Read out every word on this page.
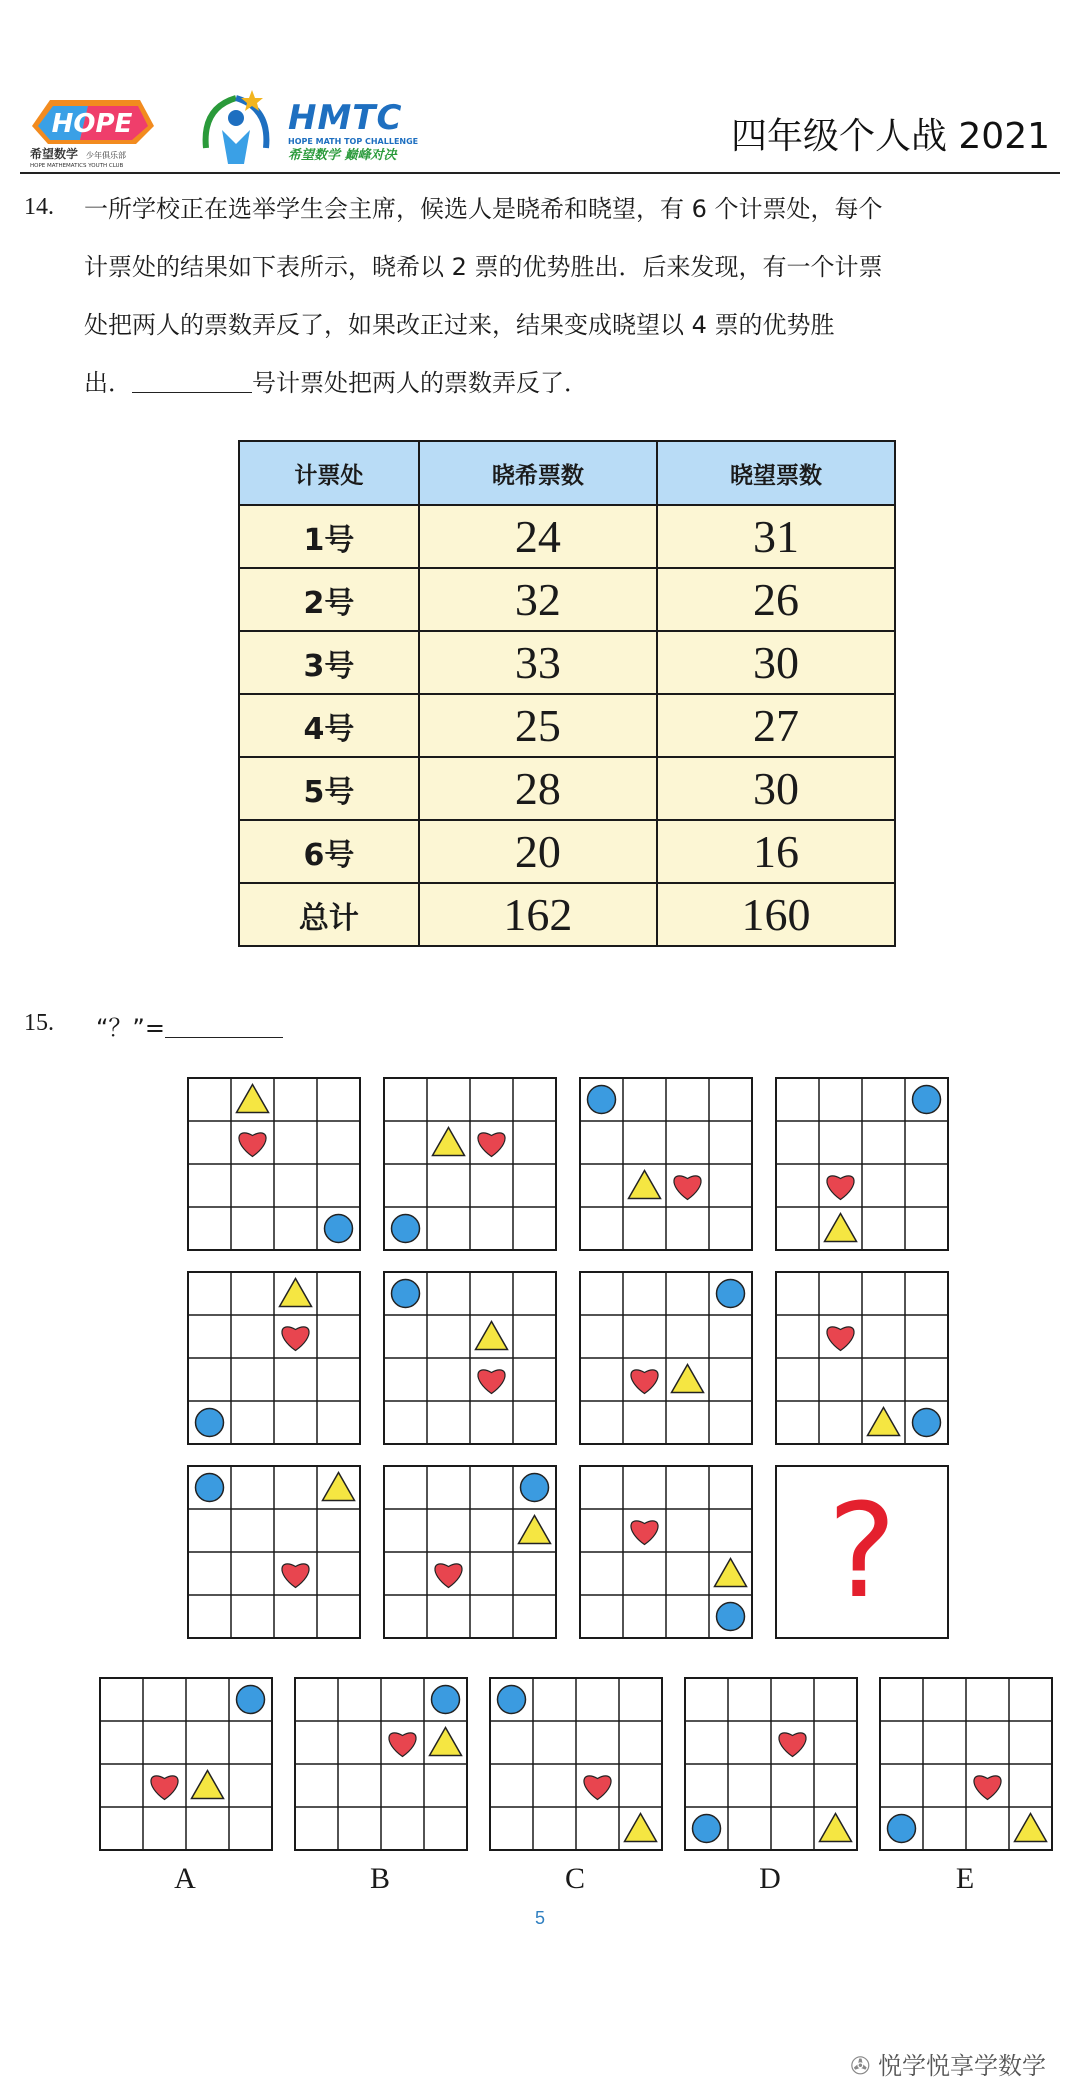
HOPE
希望数学 少年俱乐部
HOPE MATHEMATICS YOUTH CLUB
HMTC
HOPE MATH TOP CHALLENGE
希望数学 巅峰对决	四年级个人战 2021
14. 一所学校正在选举学生会主席，候选人是晓希和晓望，有 6 个计票处，每个
计票处的结果如下表所示，晓希以 2 票的优势胜出．后来发现，有一个计票
处把两人的票数弄反了，如果改正过来，结果变成晓望以 4 票的优势胜
出．	号计票处把两人的票数弄反了．
计票处	晓希票数	晓望票数
1号	24	31
2号	32	26
3号	33	30
4号	25	27
5号	28	30
6号	20	16
总计	162	160
15. “？”=
?
5
✇ 悦学悦享学数学
A	B	C	D	E
